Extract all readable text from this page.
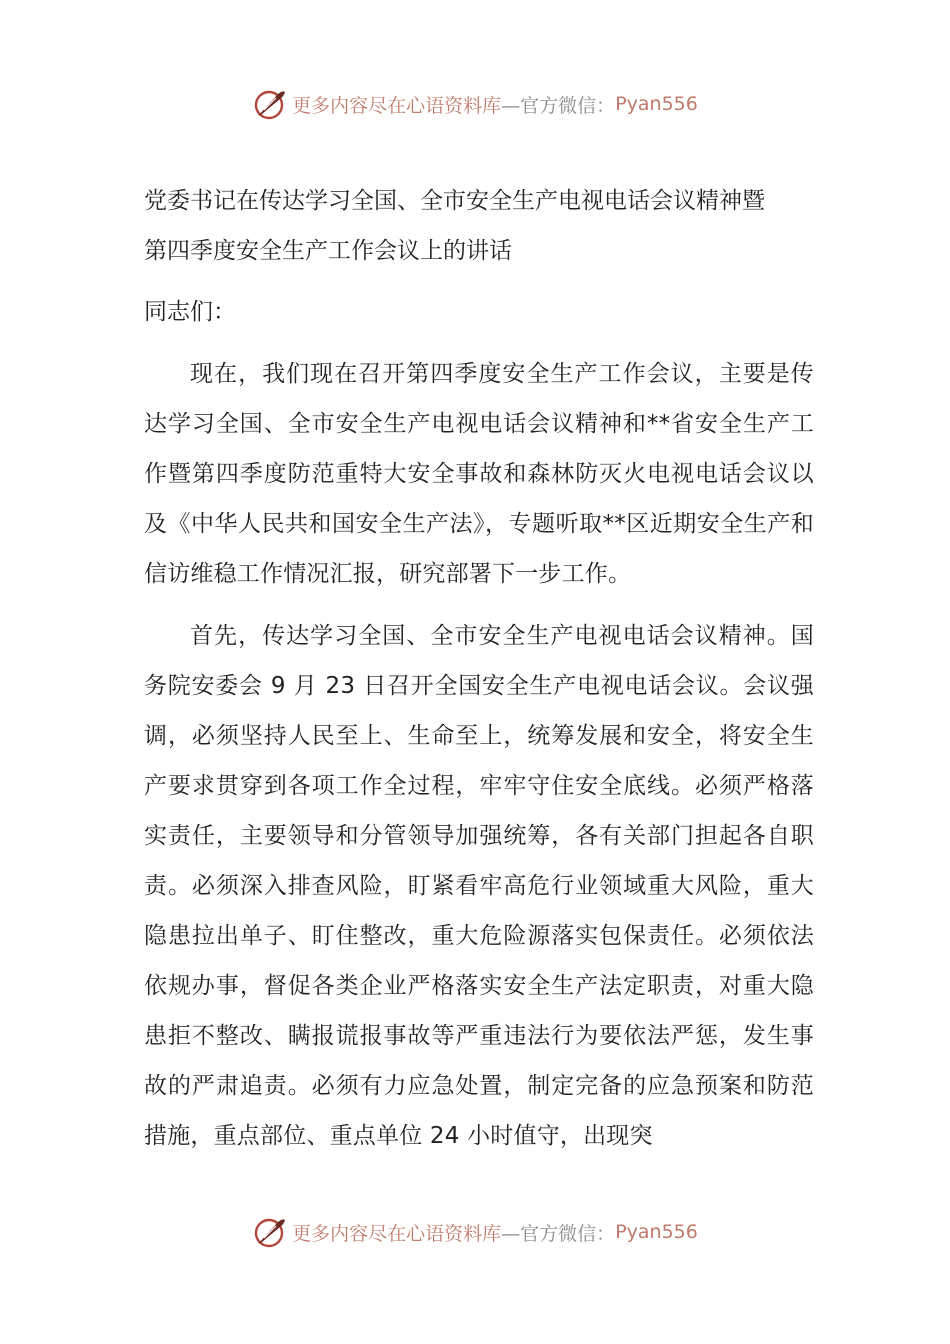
更多内容尽在心语资料库 —官方微信： Pyan556
党委书记在传达学习全国、全市安全生产电视电话会议精神暨
第四季度安全生产工作会议上的讲话
同志们：
现在，我们现在召开第四季度安全生产工作会议，主要是传达学习全国、全市安全生产电视电话会议精神和**省安全生产工作暨第四季度防范重特大安全事故和森林防灭火电视电话会议以及《中华人民共和国安全生产法》，专题听取**区近期安全生产和信访维稳工作情况汇报，研究部署下一步工作。
首先，传达学习全国、全市安全生产电视电话会议精神。国务院安委会 9 月 23 日召开全国安全生产电视电话会议。会议强调，必须坚持人民至上、生命至上，统筹发展和安全，将安全生产要求贯穿到各项工作全过程，牢牢守住安全底线。必须严格落实责任，主要领导和分管领导加强统筹，各有关部门担起各自职责。必须深入排查风险，盯紧看牢高危行业领域重大风险，重大隐患拉出单子、盯住整改，重大危险源落实包保责任。必须依法依规办事，督促各类企业严格落实安全生产法定职责，对重大隐患拒不整改、瞒报谎报事故等严重违法行为要依法严惩，发生事故的严肃追责。必须有力应急处置，制定完备的应急预案和防范措施，重点部位、重点单位 24 小时值守，出现突
更多内容尽在心语资料库 —官方微信： Pyan556
